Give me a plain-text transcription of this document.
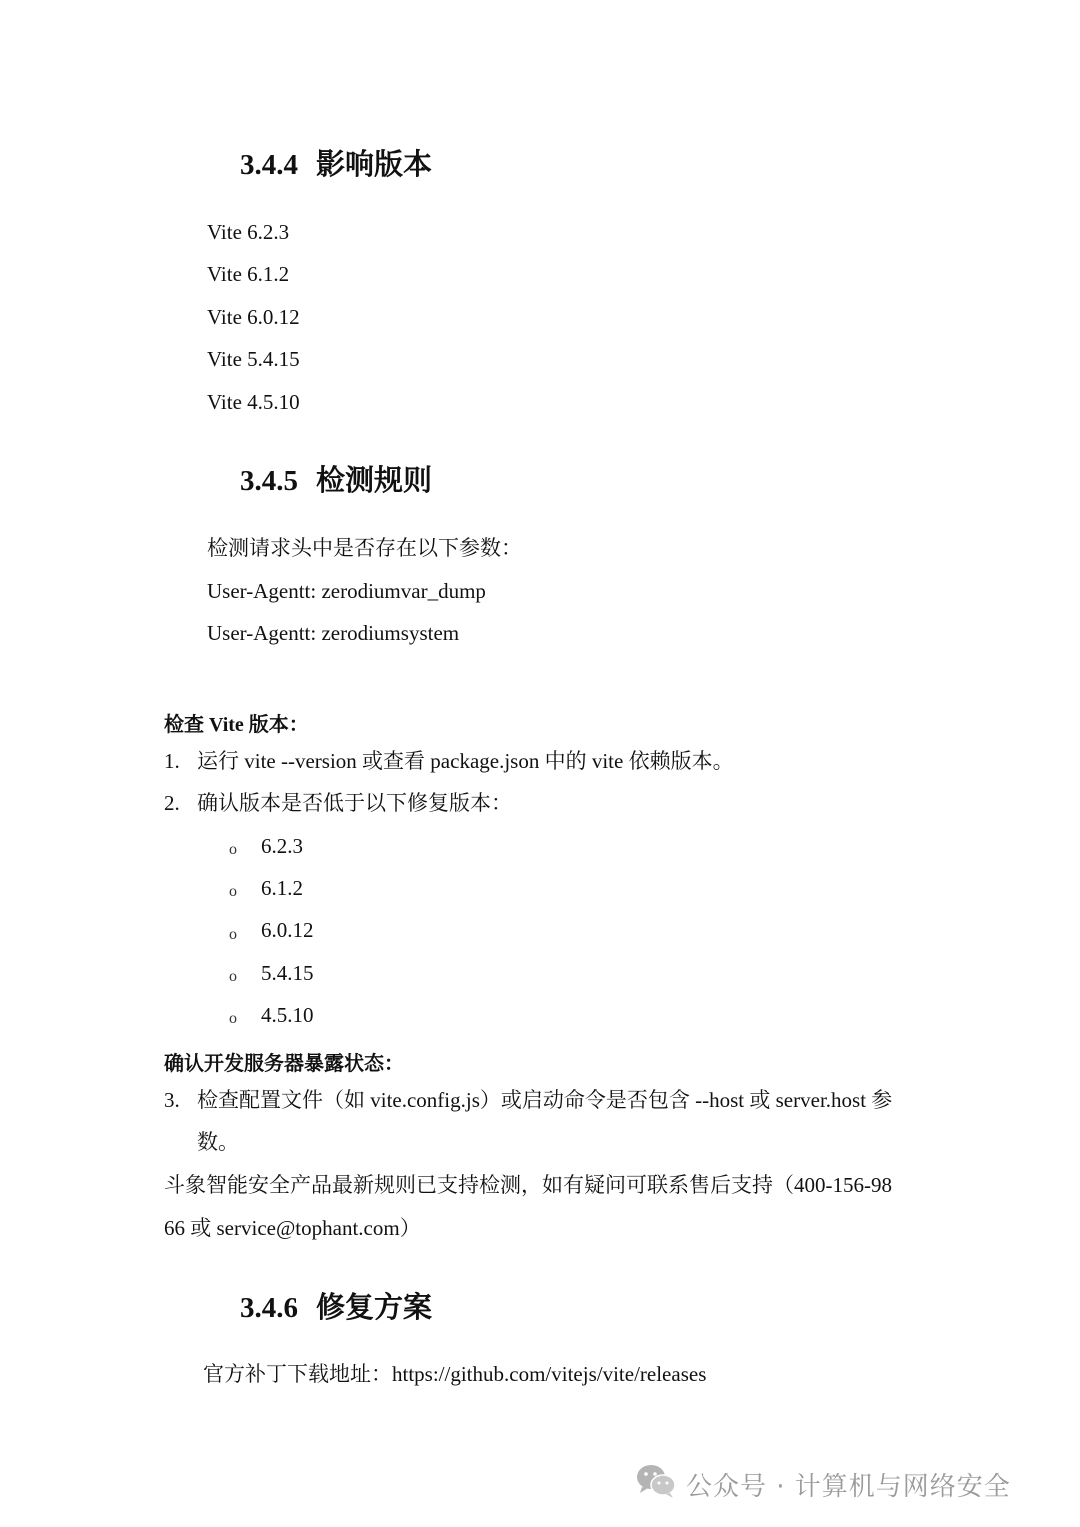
3.4.4 影响版本
Vite 6.2.3
Vite 6.1.2
Vite 6.0.12
Vite 5.4.15
Vite 4.5.10
3.4.5 检测规则
检测请求头中是否存在以下参数：
User-Agentt: zerodiumvar_dump
User-Agentt: zerodiumsystem
检查 Vite 版本：
1. 运行 vite --version 或查看 package.json 中的 vite 依赖版本。
2. 确认版本是否低于以下修复版本：
o 6.2.3
o 6.1.2
o 6.0.12
o 5.4.15
o 4.5.10
确认开发服务器暴露状态：
3. 检查配置文件（如 vite.config.js）或启动命令是否包含 --host 或 server.host 参
数。
斗象智能安全产品最新规则已支持检测，如有疑问可联系售后支持（400-156-98
66 或 service@tophant.com）
3.4.6 修复方案
官方补丁下载地址：https://github.com/vitejs/vite/releases
公众号 · 计算机与网络安全
